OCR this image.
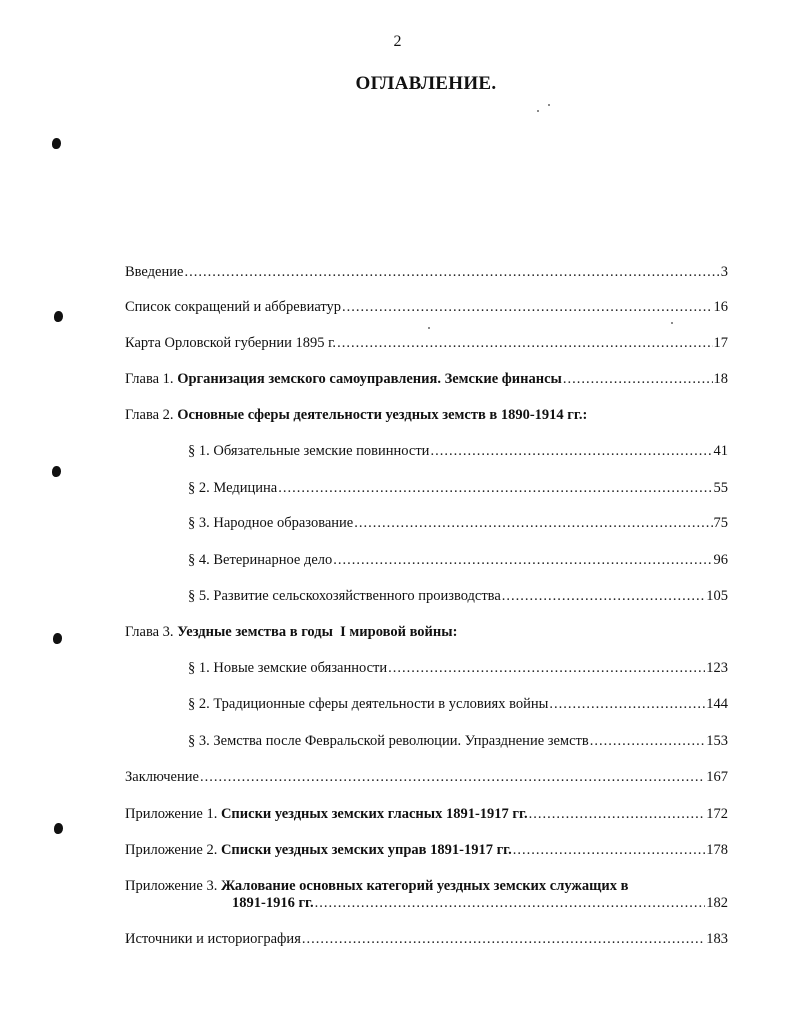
2
ОГЛАВЛЕНИЕ.
Введение .....	3
Список сокращений и аббревиатур .....	16
Карта Орловской губернии 1895 г. .....	17
Глава 1. Организация земского самоуправления. Земские финансы .....	18
Глава 2. Основные сферы деятельности уездных земств в 1890-1914 гг.:
§ 1. Обязательные земские повинности .....	41
§ 2. Медицина .....	55
§ 3. Народное образование .....	75
§ 4. Ветеринарное дело .....	96
§ 5. Развитие сельскохозяйственного производства .....	105
Глава 3. Уездные земства в годы  I мировой войны:
§ 1. Новые земские обязанности .....	123
§ 2. Традиционные сферы деятельности в условиях войны .....	144
§ 3. Земства после Февральской революции. Упразднение земств .....	153
Заключение .....	167
Приложение 1. Списки уездных земских гласных 1891-1917 гг. .....	172
Приложение 2. Списки уездных земских управ 1891-1917 гг. .....	178
Приложение 3. Жалование основных категорий уездных земских служащих в
1891-1916 гг. .....	182
Источники и историография .....	183
